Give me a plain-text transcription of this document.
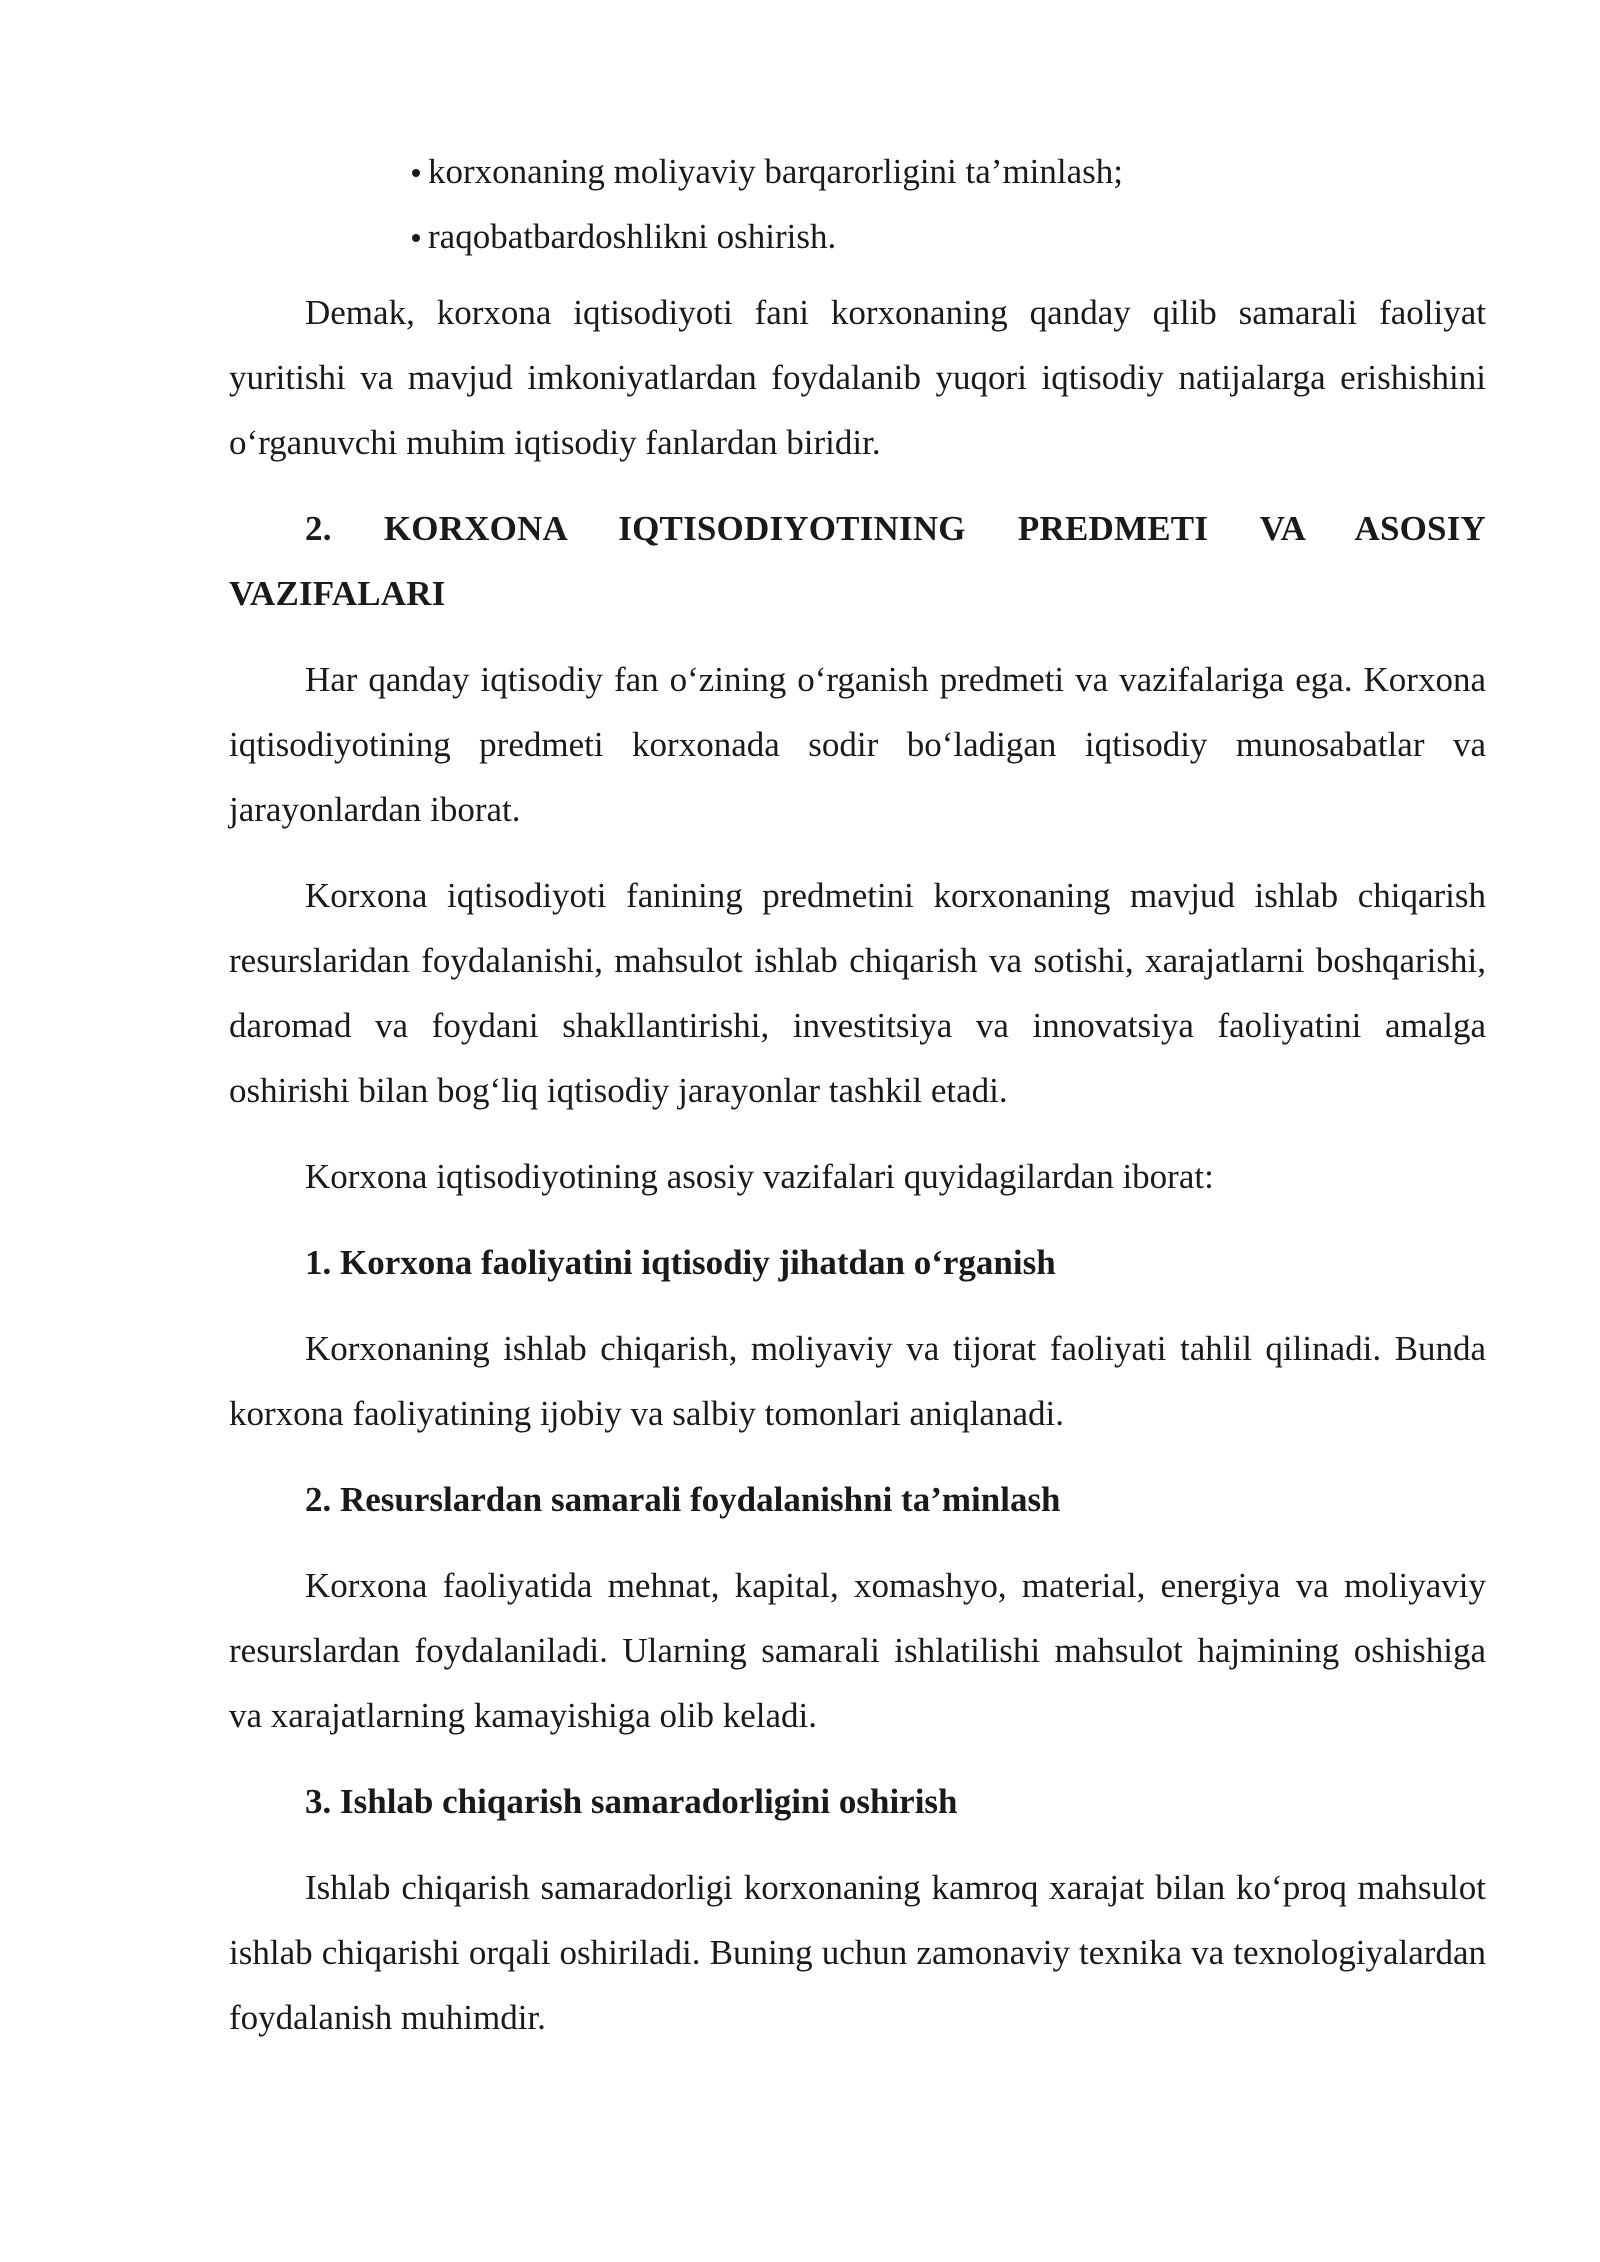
korxonaning moliyaviy barqarorligini ta’minlash;
raqobatbardoshlikni oshirish.

Demak, korxona iqtisodiyoti fani korxonaning qanday qilib samarali faoliyat yuritishi va mavjud imkoniyatlardan foydalanib yuqori iqtisodiy natijalarga erishishini o‘rganuvchi muhim iqtisodiy fanlardan biridir.

2. KORXONA IQTISODIYOTINING PREDMETI VA ASOSIY VAZIFALARI

Har qanday iqtisodiy fan o‘zining o‘rganish predmeti va vazifalariga ega. Korxona iqtisodiyotining predmeti korxonada sodir bo‘ladigan iqtisodiy munosabatlar va jarayonlardan iborat.

Korxona iqtisodiyoti fanining predmetini korxonaning mavjud ishlab chiqarish resurslaridan foydalanishi, mahsulot ishlab chiqarish va sotishi, xarajatlarni boshqarishi, daromad va foydani shakllantirishi, investitsiya va innovatsiya faoliyatini amalga oshirishi bilan bog‘liq iqtisodiy jarayonlar tashkil etadi.

Korxona iqtisodiyotining asosiy vazifalari quyidagilardan iborat:

1. Korxona faoliyatini iqtisodiy jihatdan o‘rganish

Korxonaning ishlab chiqarish, moliyaviy va tijorat faoliyati tahlil qilinadi. Bunda korxona faoliyatining ijobiy va salbiy tomonlari aniqlanadi.

2. Resurslardan samarali foydalanishni ta’minlash

Korxona faoliyatida mehnat, kapital, xomashyo, material, energiya va moliyaviy resurslardan foydalaniladi. Ularning samarali ishlatilishi mahsulot hajmining oshishiga va xarajatlarning kamayishiga olib keladi.

3. Ishlab chiqarish samaradorligini oshirish

Ishlab chiqarish samaradorligi korxonaning kamroq xarajat bilan ko‘proq mahsulot ishlab chiqarishi orqali oshiriladi. Buning uchun zamonaviy texnika va texnologiyalardan foydalanish muhimdir.
